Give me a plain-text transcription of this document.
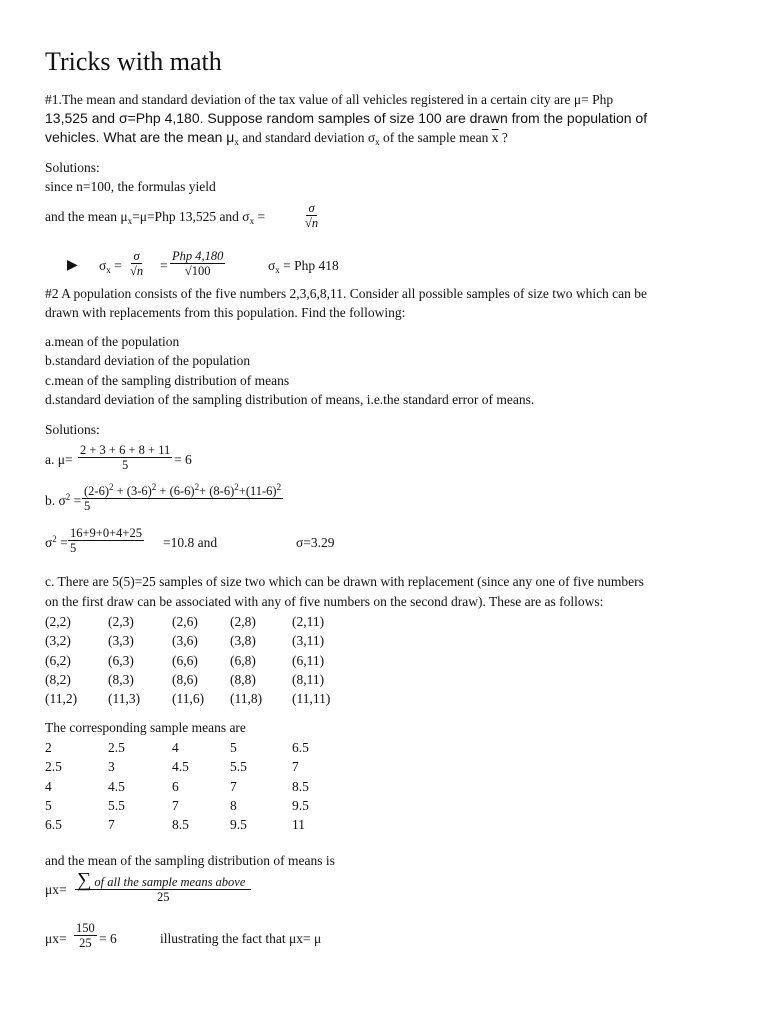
Tricks with math
#1.The mean and standard deviation of the tax value of all vehicles registered in a certain city are μ= Php
13,525 and σ=Php 4,180. Suppose random samples of size 100 are drawn from the population of
vehicles. What are the mean $\mu_x$ and standard deviation $\sigma_x$ of the sample mean $\overline{x}$ ?
Solutions:
since n=100, the formulas yield
and the mean $\mu_x=\mu=Php$ 13,525 and $\sigma_x$ =	$\frac{\sigma}{√n}$
▶ $\sigma_x = \frac{\sigma}{√n}$ =
Php 4,180
√100	$\sigma_x$ = Php 418
#2 A population consists of the five numbers 2,3,6,8,11. Consider all possible samples of size two which can be
drawn with replacements from this population. Find the following:
a.mean of the population
b.standard deviation of the population
c.mean of the sampling distribution of means
d.standard deviation of the sampling distribution of means, i.e.the standard error of means.
Solutions:
a. $\mu= \frac{2 + 3 + 6 + 8 + 11}{5} = 6$
b. $\sigma^2 = \frac{(2-6)^2 + (3-6)^2 + (6-6)^2+ (8-6)^2+(11-6)^2}{5}$
$\sigma^2 = \frac{16+9+0+4+25}{5} =10.8$ and	σ=3.29
c. There are 5(5)=25 samples of size two which can be drawn with replacement (since any one of five numbers
on the first draw can be associated with any of five numbers on the second draw). These are as follows:
(2,2)	(2,3)	(2,6)	(2,8)	(2,11)
(3,2)	(3,3)	(3,6)	(3,8)	(3,11)
(6,2)	(6,3)	(6,6)	(6,8)	(6,11)
(8,2)	(8,3)	(8,6)	(8,8)	(8,11)
(11,2)	(11,3)	(11,6)	(11,8)	(11,11)
The corresponding sample means are
2	2.5	4	5	6.5
2.5	3	4.5	5.5	7
4	4.5	6	7	8.5
5	5.5	7	8	9.5
6.5	7	8.5	9.5	11
and the mean of the sampling distribution of means is
μx= ∑ of all the sample means above
25
$\mu x= \frac{150}{25} = 6$	illustrating the fact that μx= μ
